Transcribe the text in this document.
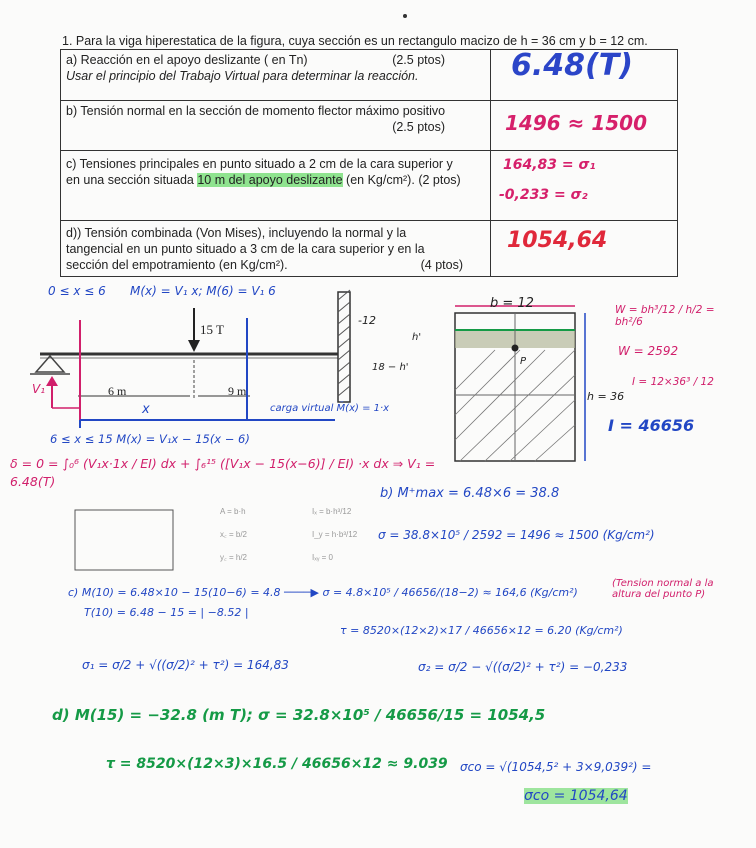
1. Para la viga hiperestatica de la figura, cuya sección es un rectangulo macizo de h = 36 cm y b = 12 cm.
a) Reacción en el apoyo deslizante ( en Tn) (2.5 ptos)

Usar el principio del Trabajo Virtual para determinar la reacción.	6.48(T)

b) Tensión normal en la sección de momento flector máximo positivo

(2.5 ptos)	1496 ≈ 1500

c) Tensiones principales en punto situado a 2 cm de la cara superior y
en una sección situada 10 m del apoyo deslizante (en Kg/cm²). (2 ptos)	164,83 = σ₁
-0,233 = σ₂

d)) Tensión combinada (Von Mises), incluyendo la normal y la
tangencial en un punto situado a 3 cm de la cara superior y en la
sección del empotramiento (en Kg/cm²). (4 ptos)	1054,64
0 ≤ x ≤ 6 M(x) = V₁ x; M(6) = V₁ 6
15 T
6 m	9 m
V₁
x	carga virtual M̄(x) = 1·x
6 ≤ x ≤ 15 M(x) = V₁x − 15(x − 6)
δ = 0 = ∫₀⁶ (V₁x·1x / EI) dx + ∫₆¹⁵ ([V₁x − 15(x−6)] / EI) ·x dx ⇒ V₁ = 6.48(T)
b) M⁺max = 6.48×6 = 38.8
σ = 38.8×10⁵ / 2592 = 1496 ≈ 1500 (Kg/cm²)
A = b·h
x꜀ = b/2
y꜀ = h/2
Iₓ = b·h³/12
I_y = h·b³/12
Iₓᵧ = 0
c) M(10) = 6.48×10 − 15(10−6) = 4.8 ────▶ σ = 4.8×10⁵ / 46656/(18−2) ≈ 164,6 (Kg/cm²)
T(10) = 6.48 − 15 = | −8.52 |
τ = 8520×(12×2)×17 / 46656×12 = 6.20 (Kg/cm²)
(Tension normal a la altura del punto P)
σ₁ = σ/2 + √((σ/2)² + τ²) = 164,83	σ₂ = σ/2 − √((σ/2)² + τ²) = −0,233
d) M(15) = −32.8 (m T); σ = 32.8×10⁵ / 46656/15 = 1054,5
τ = 8520×(12×3)×16.5 / 46656×12 ≈ 9.039	σco = √(1054,5² + 3×9,039²) =
σco = 1054,64
b = 12
h = 36
P
W = bh³/12 / h/2 = bh²/6
W = 2592
I = 12×36³ / 12
I = 46656
-12
18 − h'
h'
